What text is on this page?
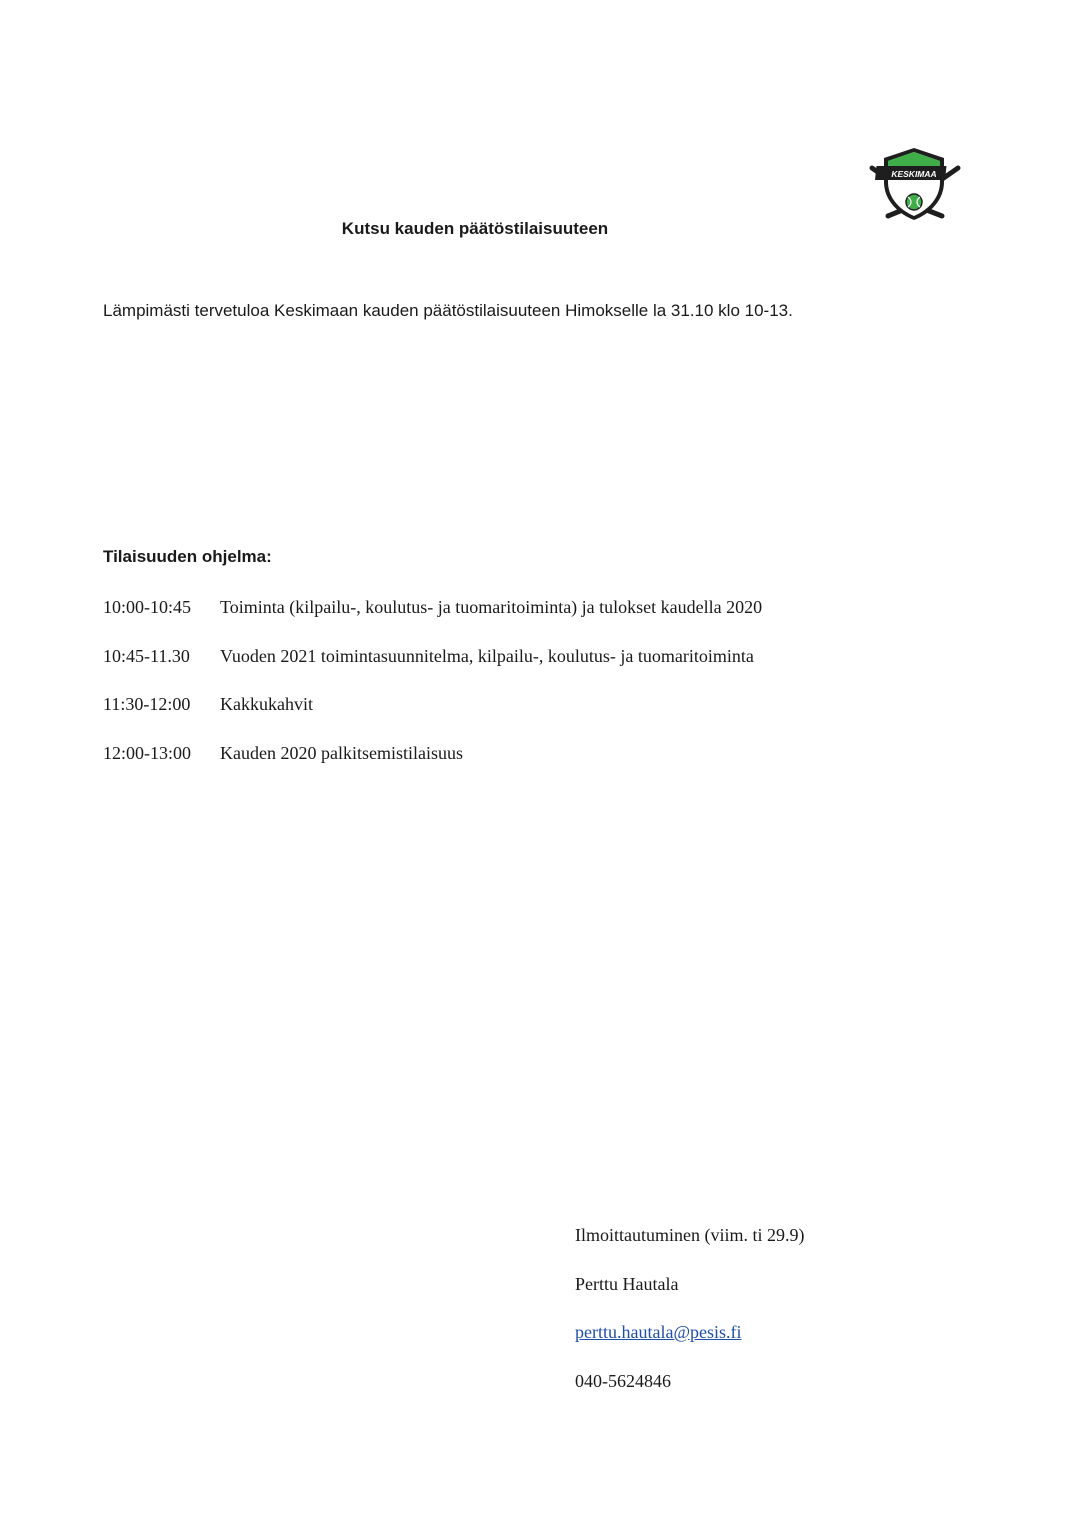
KESKIMAA
Kutsu kauden päätöstilaisuuteen

Lämpimästi tervetuloa Keskimaan kauden päätöstilaisuuteen Himokselle la 31.10 klo 10-13.

Tilaisuuden ohjelma:
10:00-10:45 Toiminta (kilpailu-, koulutus- ja tuomaritoiminta) ja tulokset kaudella 2020
10:45-11.30 Vuoden 2021 toimintasuunnitelma, kilpailu-, koulutus- ja tuomaritoiminta
11:30-12:00 Kakkukahvit
12:00-13:00 Kauden 2020 palkitsemistilaisuus
Ilmoittautuminen (viim. ti 29.9)
Perttu Hautala
perttu.hautala@pesis.fi
040-5624846
